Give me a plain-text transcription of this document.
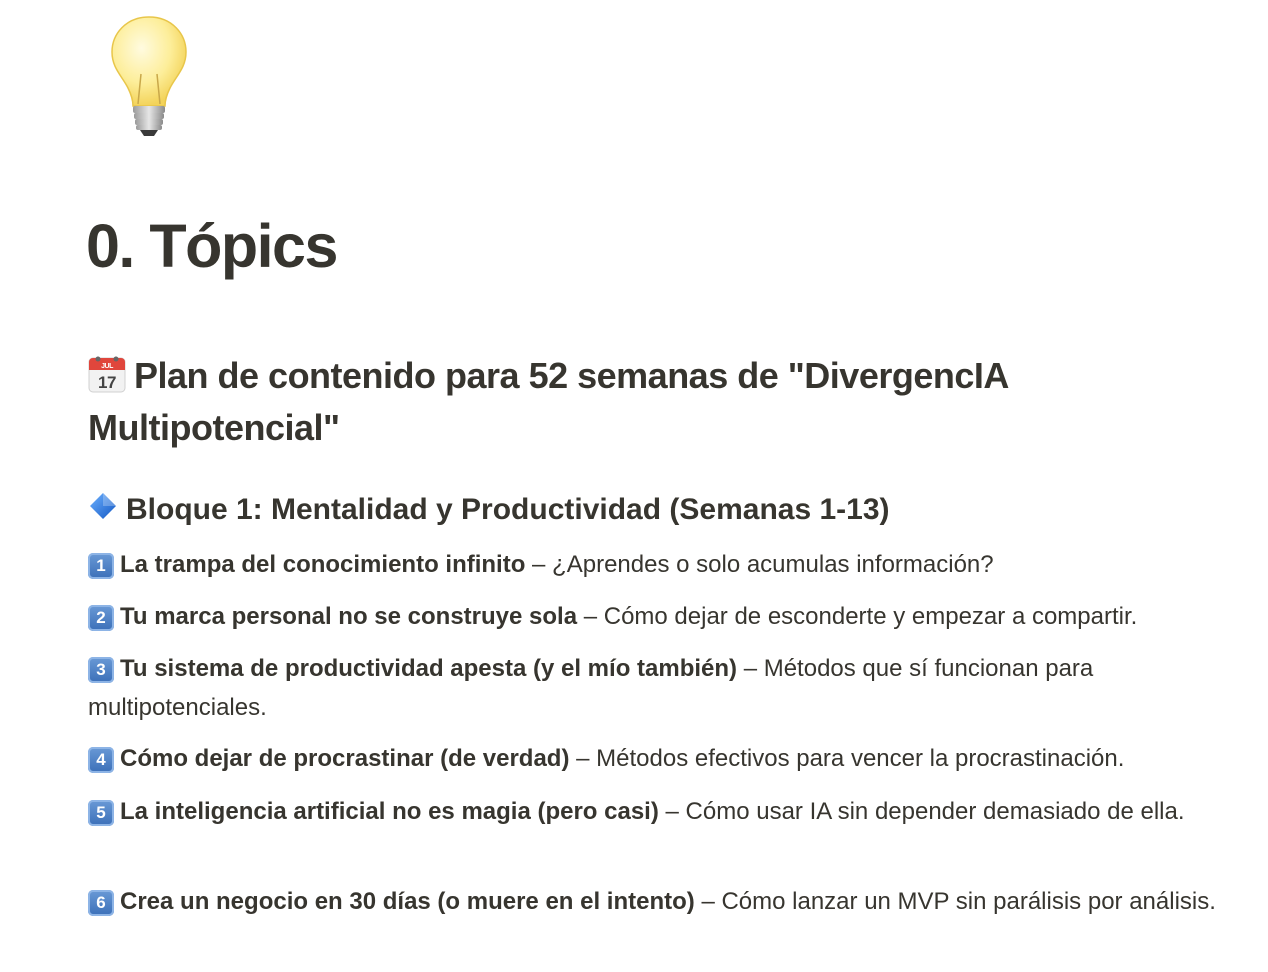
0. Tópics
JUL
17 Plan de contenido para 52 semanas de "DivergencIA Multipotencial"
Bloque 1: Mentalidad y Productividad (Semanas 1-13)

1 La trampa del conocimiento infinito – ¿Aprendes o solo acumulas información?

2 Tu marca personal no se construye sola – Cómo dejar de esconderte y empezar a compartir.

3 Tu sistema de productividad apesta (y el mío también) – Métodos que sí funcionan para multipotenciales.

4 Cómo dejar de procrastinar (de verdad) – Métodos efectivos para vencer la procrastinación.

5 La inteligencia artificial no es magia (pero casi) – Cómo usar IA sin depender demasiado de ella.

6 Crea un negocio en 30 días (o muere en el intento) – Cómo lanzar un MVP sin parálisis por análisis.
